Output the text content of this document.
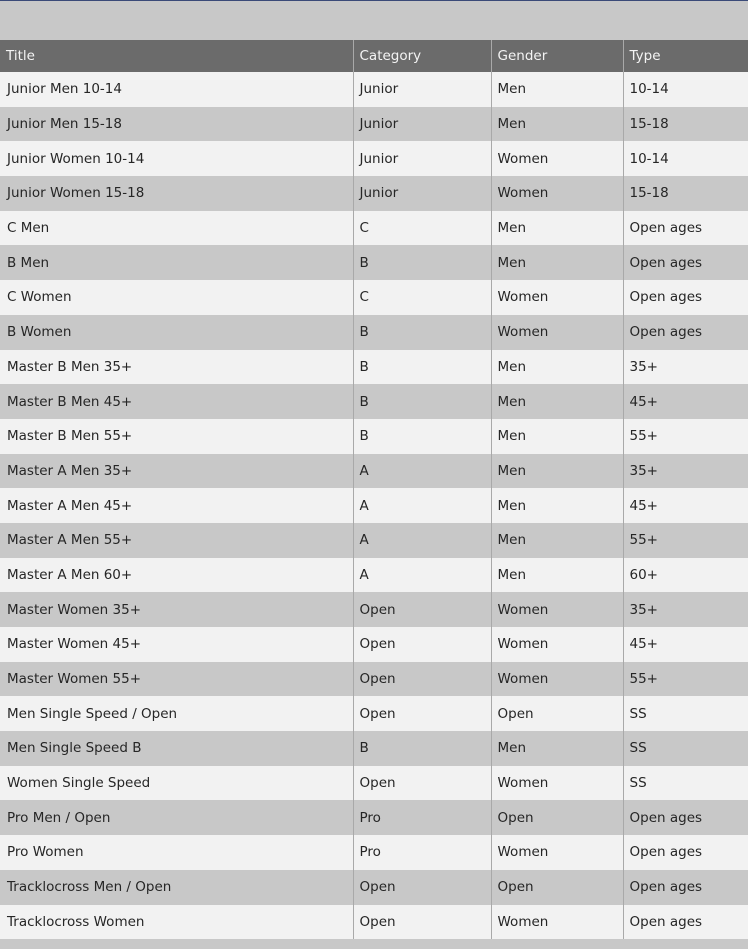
Title	Category	Gender	Type
Junior Men 10-14	Junior	Men	10-14
Junior Men 15-18	Junior	Men	15-18
Junior Women 10-14	Junior	Women	10-14
Junior Women 15-18	Junior	Women	15-18
C Men	C	Men	Open ages
B Men	B	Men	Open ages
C Women	C	Women	Open ages
B Women	B	Women	Open ages
Master B Men 35+	B	Men	35+
Master B Men 45+	B	Men	45+
Master B Men 55+	B	Men	55+
Master A Men 35+	A	Men	35+
Master A Men 45+	A	Men	45+
Master A Men 55+	A	Men	55+
Master A Men 60+	A	Men	60+
Master Women 35+	Open	Women	35+
Master Women 45+	Open	Women	45+
Master Women 55+	Open	Women	55+
Men Single Speed / Open	Open	Open	SS
Men Single Speed B	B	Men	SS
Women Single Speed	Open	Women	SS
Pro Men / Open	Pro	Open	Open ages
Pro Women	Pro	Women	Open ages
Tracklocross Men / Open	Open	Open	Open ages
Tracklocross Women	Open	Women	Open ages
